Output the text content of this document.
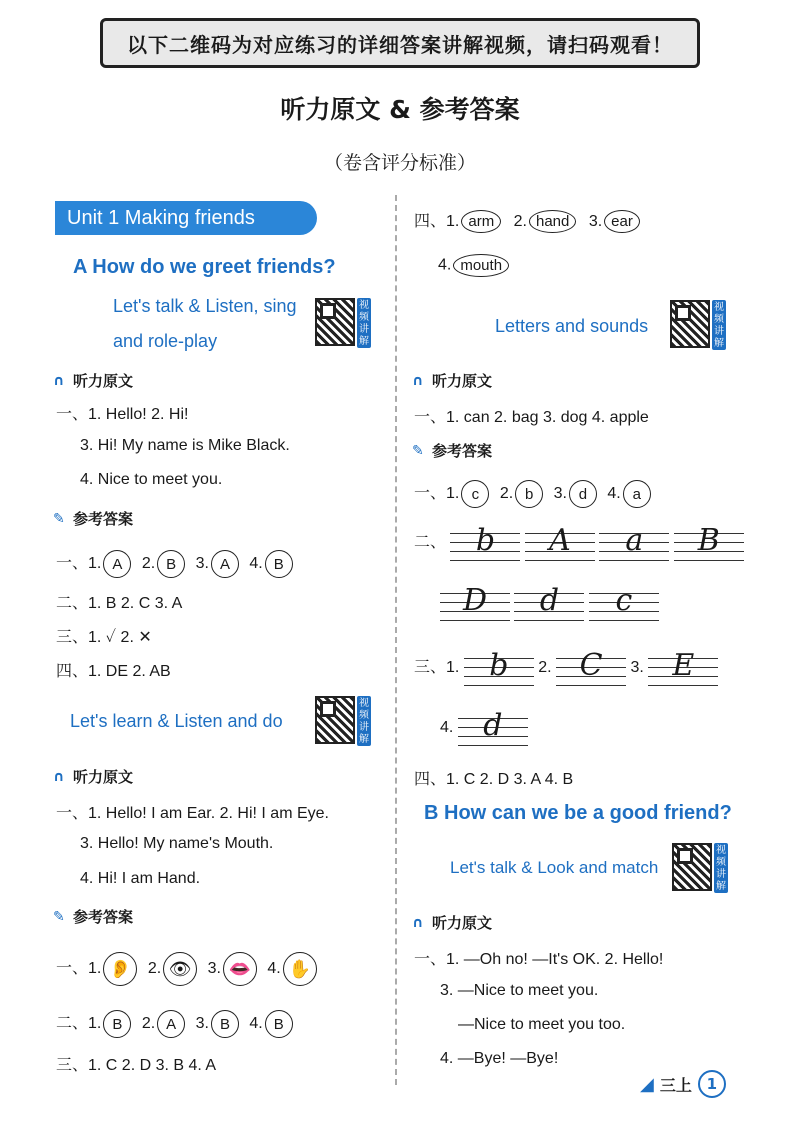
以下二维码为对应练习的详细答案讲解视频，请扫码观看！
听力原文 & 参考答案
（卷含评分标准）
Unit 1 Making friends
A How do we greet friends?
Let's talk & Listen, sing
and role-play
视频讲解
∩ 听力原文
一、1. Hello! 2. Hi!
3. Hi! My name is Mike Black.
4. Nice to meet you.
✎ 参考答案
一、1. A 2. B 3. A 4. B
二、1. B 2. C 3. A
三、1. ✓ 2. ✕
四、1. DE 2. AB
Let's learn & Listen and do
视频讲解
∩ 听力原文
一、1. Hello! I am Ear. 2. Hi! I am Eye.
3. Hello! My name's Mouth.
4. Hi! I am Hand.
✎ 参考答案
一、1. 👂 2. 👁 3. 👄 4. ✋
二、1. B 2. A 3. B 4. B
三、1. C 2. D 3. B 4. A
四、1. arm 2. hand 3. ear
4. mouth
Letters and sounds
视频讲解
∩ 听力原文
一、1. can 2. bag 3. dog 4. apple
✎ 参考答案
一、1. c 2. b 3. d 4. a
二、 b A a B
D d c
三、1. b 2. C 3. E
4. d
四、1. C 2. D 3. A 4. B
B How can we be a good friend?
Let's talk & Look and match
视频讲解
∩ 听力原文
一、1. —Oh no! —It's OK. 2. Hello!
3. —Nice to meet you.
—Nice to meet you too.
4. —Bye! —Bye!
◢ 三上 1
